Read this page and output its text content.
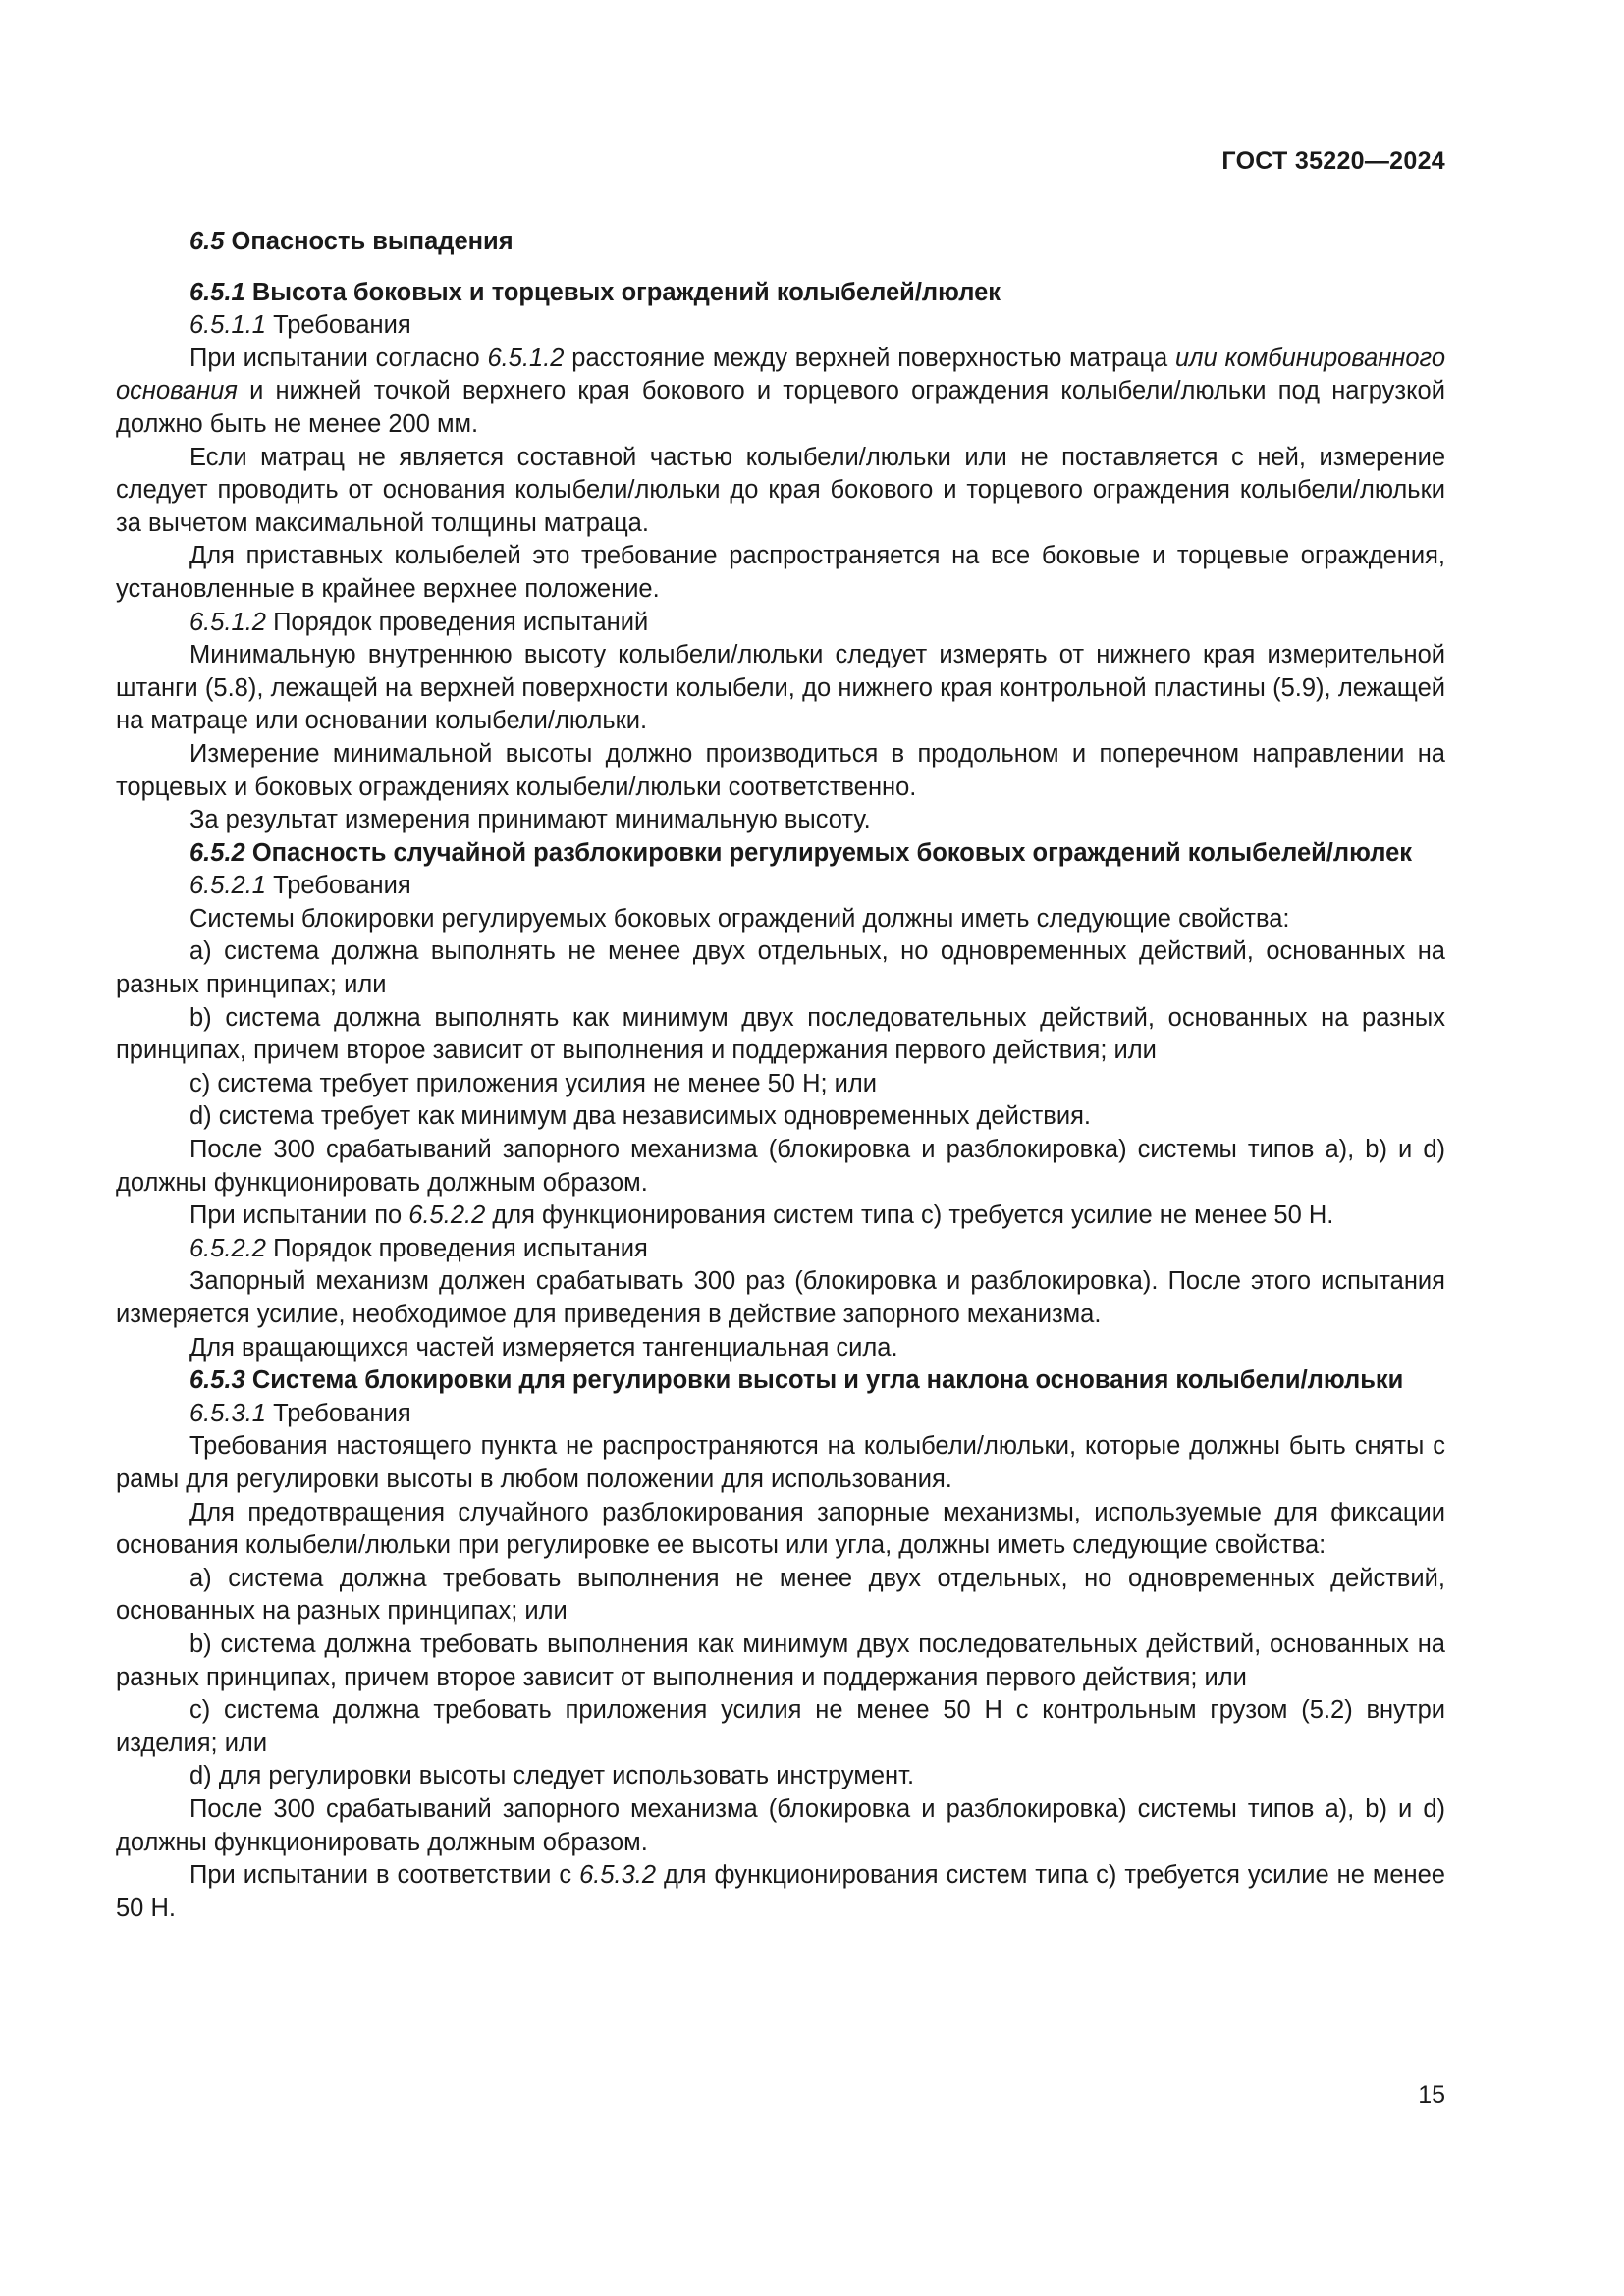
ГОСТ 35220—2024

6.5 Опасность выпадения

6.5.1 Высота боковых и торцевых ограждений колыбелей/люлек

6.5.1.1 Требования

При испытании согласно 6.5.1.2 расстояние между верхней поверхностью матраца или комбинированного основания и нижней точкой верхнего края бокового и торцевого ограждения колыбели/люльки под нагрузкой должно быть не менее 200 мм.

Если матрац не является составной частью колыбели/люльки или не поставляется с ней, измерение следует проводить от основания колыбели/люльки до края бокового и торцевого ограждения колыбели/люльки за вычетом максимальной толщины матраца.

Для приставных колыбелей это требование распространяется на все боковые и торцевые ограждения, установленные в крайнее верхнее положение.

6.5.1.2 Порядок проведения испытаний

Минимальную внутреннюю высоту колыбели/люльки следует измерять от нижнего края измерительной штанги (5.8), лежащей на верхней поверхности колыбели, до нижнего края контрольной пластины (5.9), лежащей на матраце или основании колыбели/люльки.

Измерение минимальной высоты должно производиться в продольном и поперечном направлении на торцевых и боковых ограждениях колыбели/люльки соответственно.

За результат измерения принимают минимальную высоту.

6.5.2 Опасность случайной разблокировки регулируемых боковых ограждений колыбелей/люлек

6.5.2.1 Требования

Системы блокировки регулируемых боковых ограждений должны иметь следующие свойства:

a) система должна выполнять не менее двух отдельных, но одновременных действий, основанных на разных принципах; или

b) система должна выполнять как минимум двух последовательных действий, основанных на разных принципах, причем второе зависит от выполнения и поддержания первого действия; или

c) система требует приложения усилия не менее 50 Н; или

d) система требует как минимум два независимых одновременных действия.

После 300 срабатываний запорного механизма (блокировка и разблокировка) системы типов a), b) и d) должны функционировать должным образом.

При испытании по 6.5.2.2 для функционирования систем типа c) требуется усилие не менее 50 Н.

6.5.2.2 Порядок проведения испытания

Запорный механизм должен срабатывать 300 раз (блокировка и разблокировка). После этого испытания измеряется усилие, необходимое для приведения в действие запорного механизма.

Для вращающихся частей измеряется тангенциальная сила.

6.5.3 Система блокировки для регулировки высоты и угла наклона основания колыбели/люльки

6.5.3.1 Требования

Требования настоящего пункта не распространяются на колыбели/люльки, которые должны быть сняты с рамы для регулировки высоты в любом положении для использования.

Для предотвращения случайного разблокирования запорные механизмы, используемые для фиксации основания колыбели/люльки при регулировке ее высоты или угла, должны иметь следующие свойства:

a) система должна требовать выполнения не менее двух отдельных, но одновременных действий, основанных на разных принципах; или

b) система должна требовать выполнения как минимум двух последовательных действий, основанных на разных принципах, причем второе зависит от выполнения и поддержания первого действия; или

c) система должна требовать приложения усилия не менее 50 Н с контрольным грузом (5.2) внутри изделия; или

d) для регулировки высоты следует использовать инструмент.

После 300 срабатываний запорного механизма (блокировка и разблокировка) системы типов a), b) и d) должны функционировать должным образом.

При испытании в соответствии с 6.5.3.2 для функционирования систем типа c) требуется усилие не менее 50 Н.

15
